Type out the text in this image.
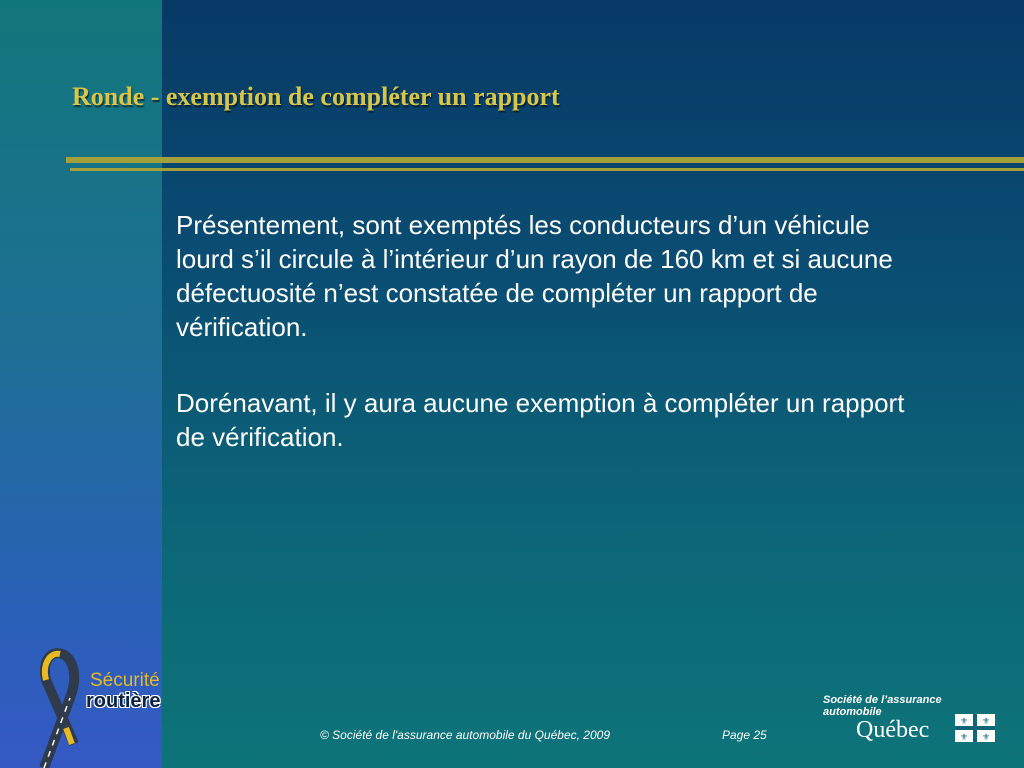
Ronde - exemption de compléter un rapport

Présentement, sont exemptés les conducteurs d’un véhicule lourd s’il circule à l’intérieur d’un rayon de 160 km et si aucune défectuosité n’est constatée de compléter un rapport de vérification.

Dorénavant, il y aura aucune exemption à compléter un rapport de vérification.

Sécurité
routière
© Société de l'assurance automobile du Québec, 2009	Page 25
Société de l’assurance
automobile
Québec	⚜ ⚜
⚜ ⚜
